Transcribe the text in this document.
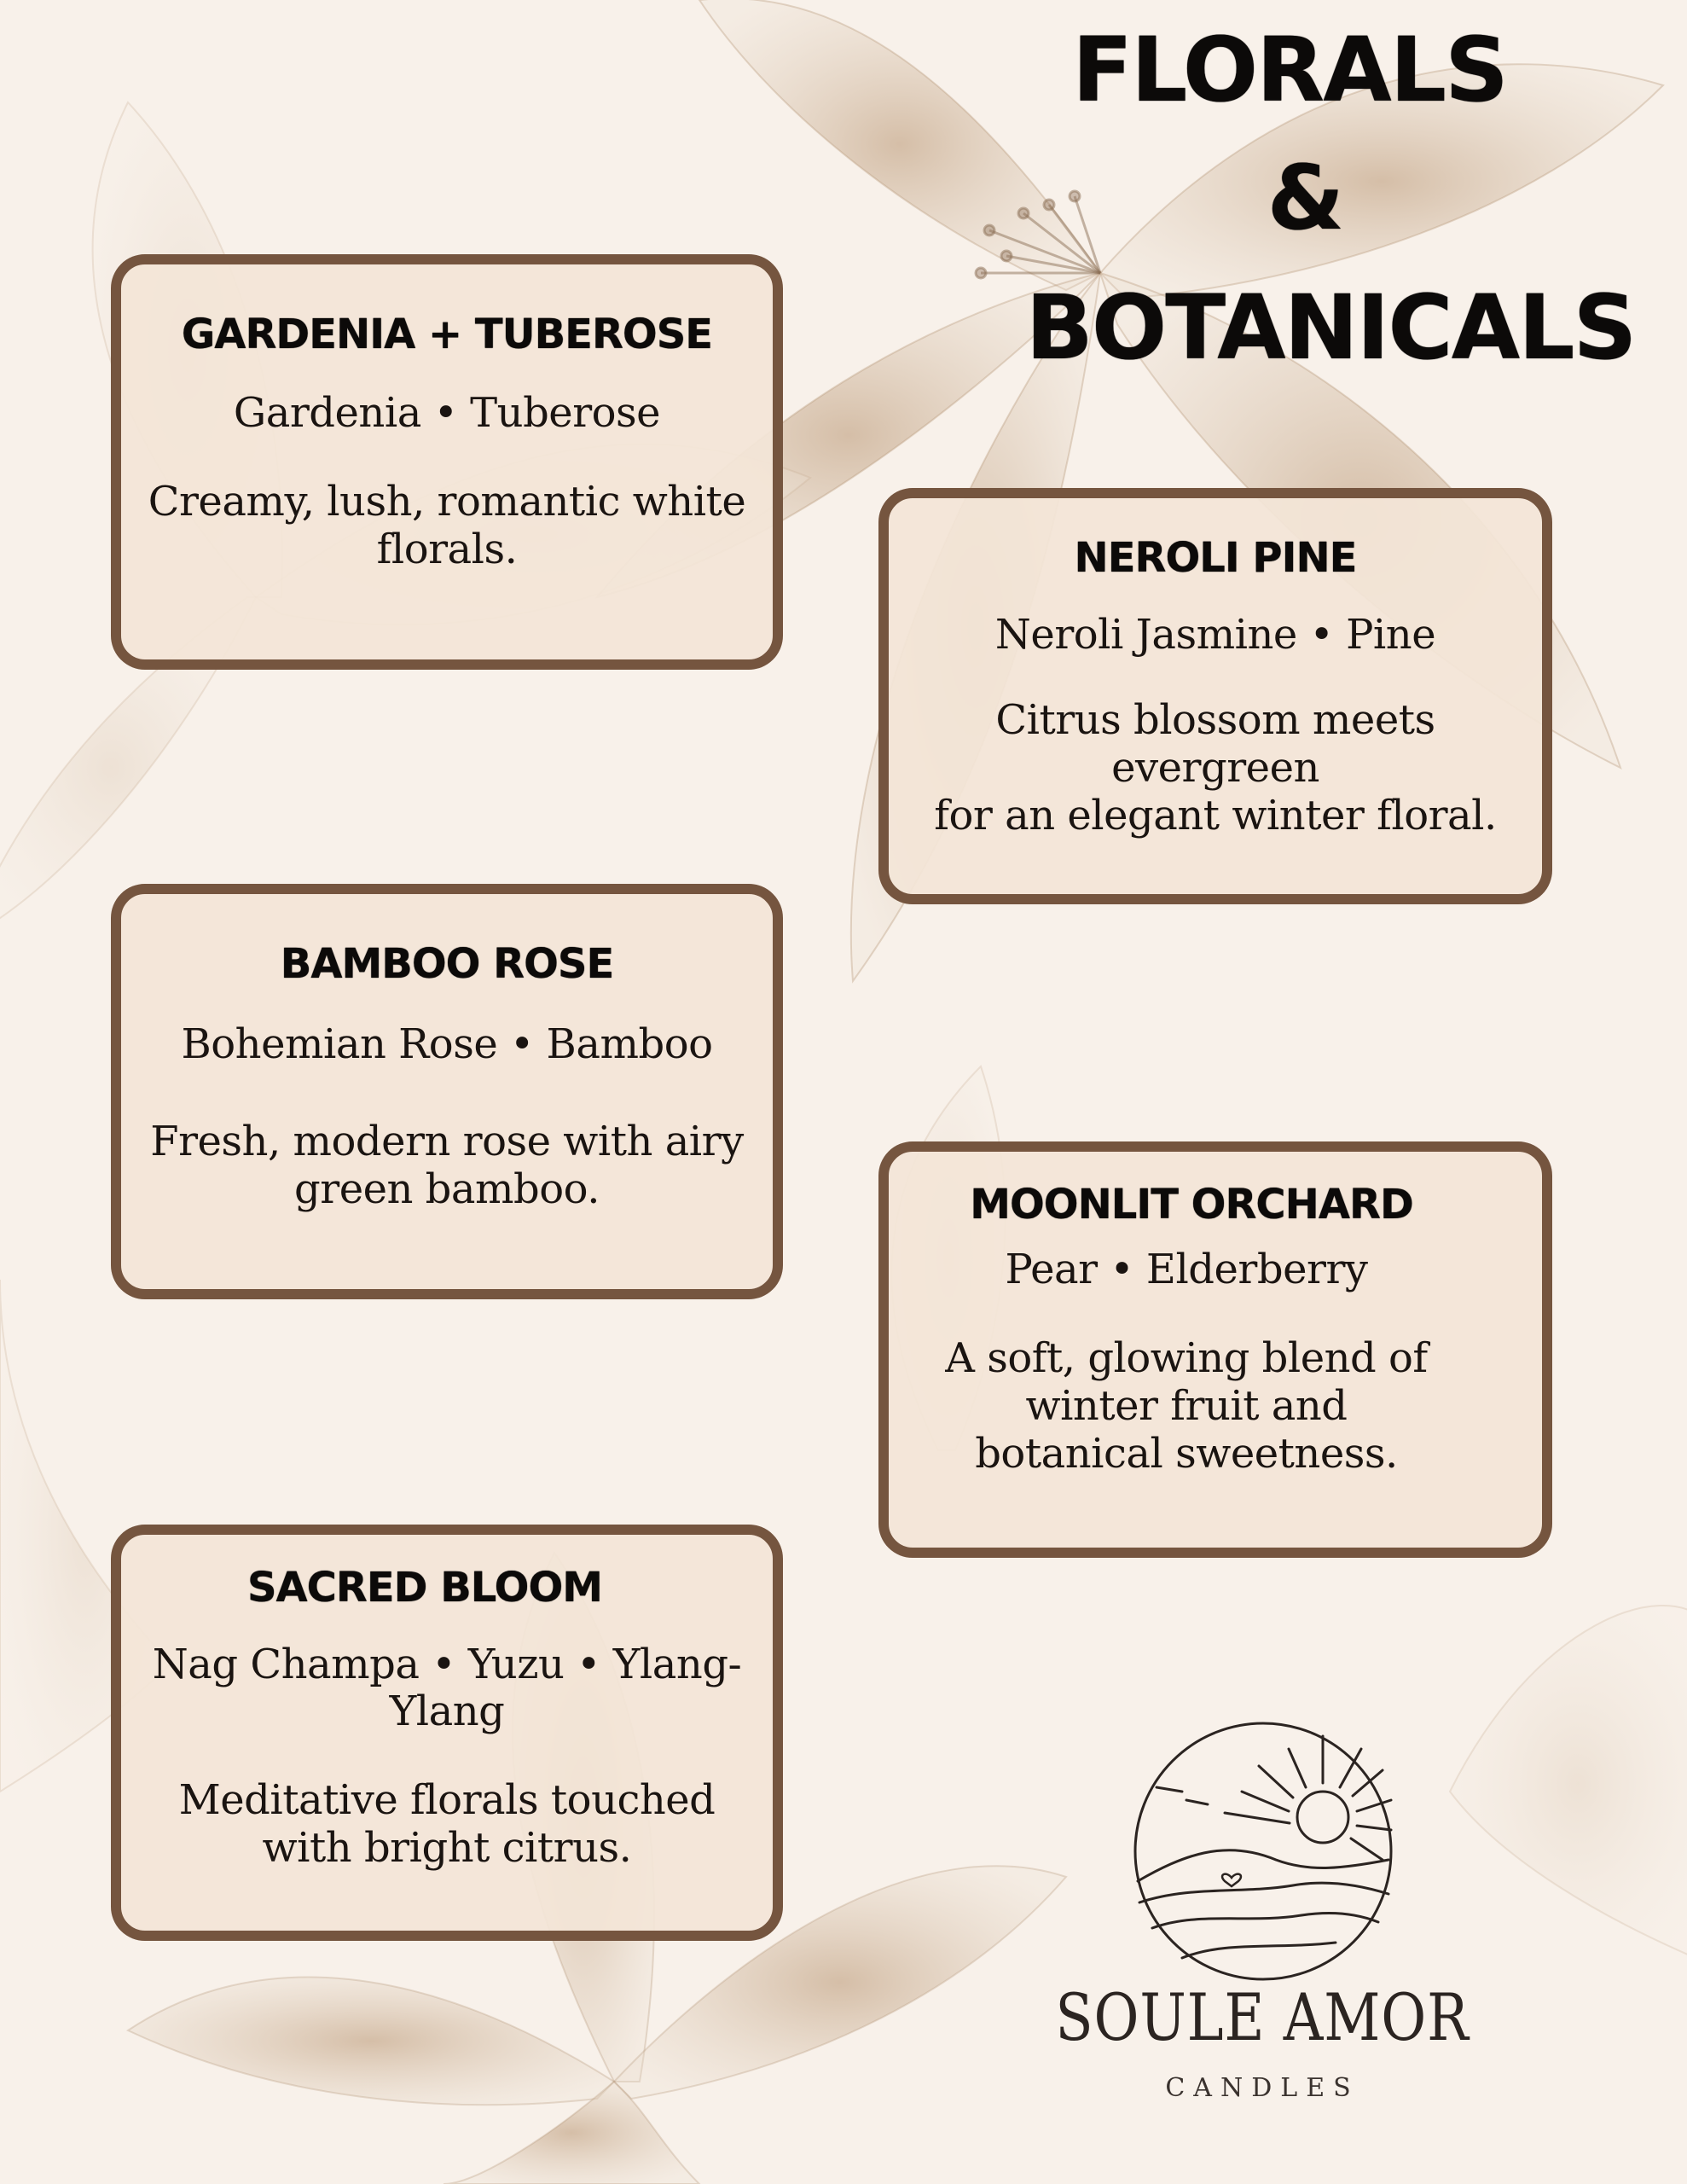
FLORALS
&
BOTANICALS
GARDENIA + TUBEROSE
Gardenia • Tuberose
Creamy, lush, romantic white
florals.	NEROLI PINE
Neroli Jasmine • Pine
Citrus blossom meets
evergreen
for an elegant winter floral.
BAMBOO ROSE
Bohemian Rose • Bamboo
Fresh, modern rose with airy
green bamboo.	MOONLIT ORCHARD
Pear • Elderberry
A soft, glowing blend of
winter fruit and
botanical sweetness.
SACRED BLOOM
Nag Champa • Yuzu • Ylang-
Ylang
Meditative florals touched
with bright citrus.
SOULE AMOR
CANDLES
